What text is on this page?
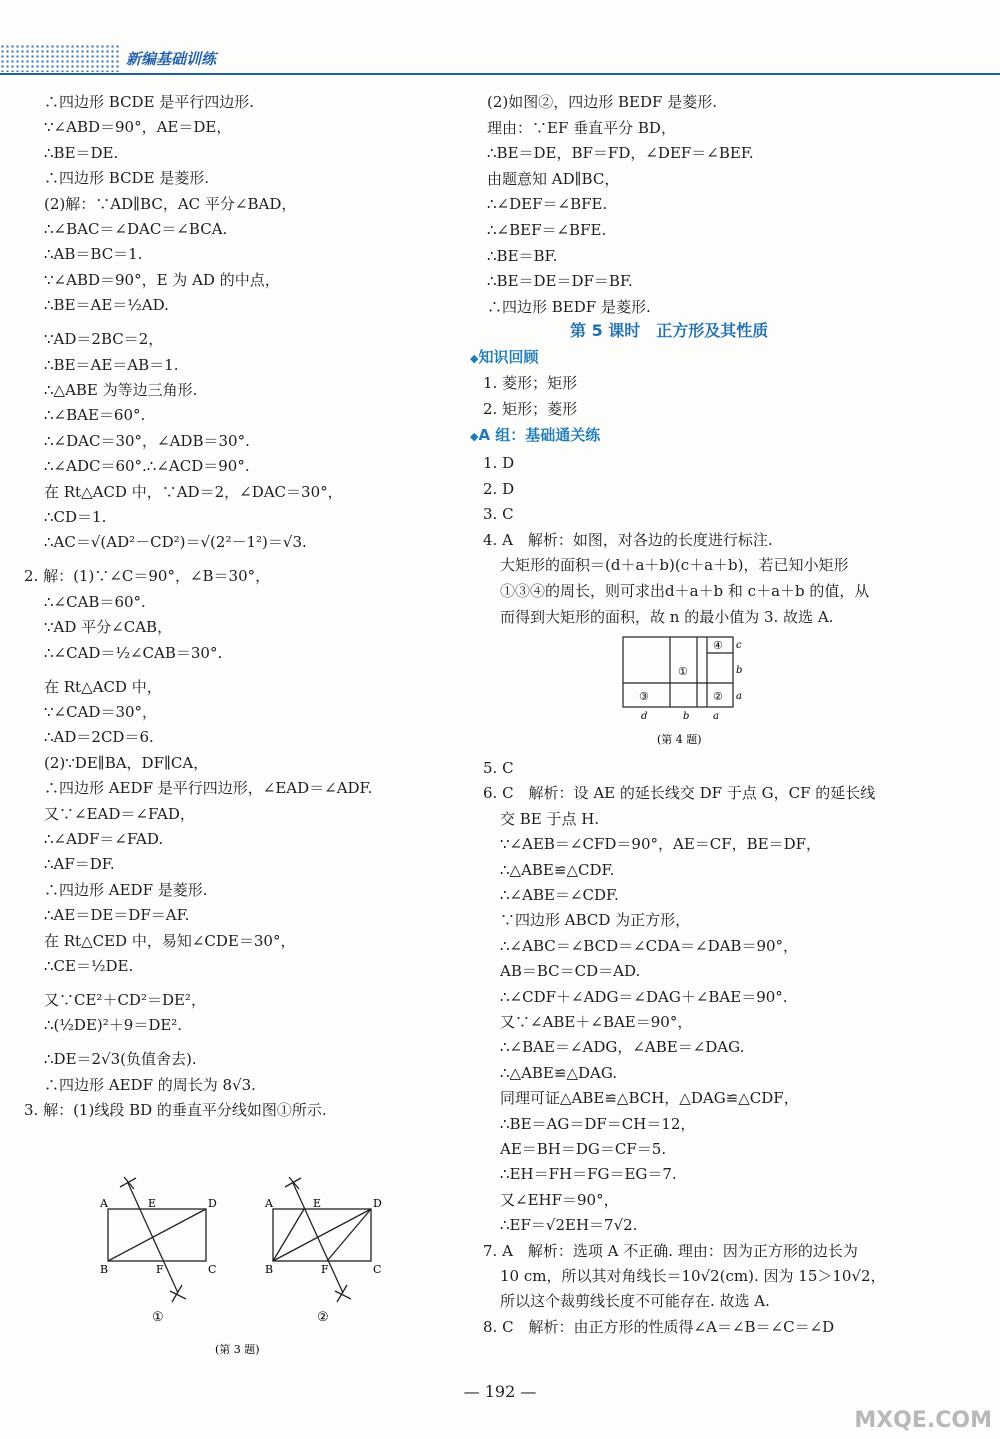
新编基础训练
A	E	D
B	F	C
①
A	E	D
B	F	C
②
(第 3 题)
④
①
③	②
c
b
a
d	b a
(第 4 题)
— 192 —
MXQE.COM
∴四边形 BCDE 是平行四边形.
∵∠ABD＝90°，AE＝DE，
∴BE＝DE.
∴四边形 BCDE 是菱形.
(2)解：∵AD∥BC，AC 平分∠BAD，
∴∠BAC＝∠DAC＝∠BCA.
∴AB＝BC＝1.
∵∠ABD＝90°，E 为 AD 的中点，
∴BE＝AE＝½AD.
∵AD＝2BC＝2，
∴BE＝AE＝AB＝1.
∴△ABE 为等边三角形.
∴∠BAE＝60°.
∴∠DAC＝30°，∠ADB＝30°.
∴∠ADC＝60°.∴∠ACD＝90°.
在 Rt△ACD 中，∵AD＝2，∠DAC＝30°，
∴CD＝1.
∴AC＝√(AD²－CD²)＝√(2²－1²)＝√3.
2. 解：(1)∵∠C＝90°，∠B＝30°，
∴∠CAB＝60°.
∵AD 平分∠CAB，
∴∠CAD＝½∠CAB＝30°.
在 Rt△ACD 中，
∵∠CAD＝30°，
∴AD＝2CD＝6.
(2)∵DE∥BA，DF∥CA，
∴四边形 AEDF 是平行四边形，∠EAD＝∠ADF.
又∵∠EAD＝∠FAD，
∴∠ADF＝∠FAD.
∴AF＝DF.
∴四边形 AEDF 是菱形.
∴AE＝DE＝DF＝AF.
在 Rt△CED 中，易知∠CDE＝30°，
∴CE＝½DE.
又∵CE²＋CD²＝DE²，
∴(½DE)²＋9＝DE².
∴DE＝2√3(负值舍去).
∴四边形 AEDF 的周长为 8√3.
3. 解：(1)线段 BD 的垂直平分线如图①所示.
(2)如图②，四边形 BEDF 是菱形.
理由：∵EF 垂直平分 BD，
∴BE＝DE，BF＝FD，∠DEF＝∠BEF.
由题意知 AD∥BC，
∴∠DEF＝∠BFE.
∴∠BEF＝∠BFE.
∴BE＝BF.
∴BE＝DE＝DF＝BF.
∴四边形 BEDF 是菱形.
第 5 课时　正方形及其性质
◆知识回顾
1. 菱形；矩形
2. 矩形；菱形
◆A 组：基础通关练
1. D
2. D
3. C
4. A　解析：如图，对各边的长度进行标注.
大矩形的面积＝(d＋a＋b)(c＋a＋b)，若已知小矩形
①③④的周长，则可求出d＋a＋b 和 c＋a＋b 的值，从
而得到大矩形的面积，故 n 的最小值为 3. 故选 A.
5. C
6. C　解析：设 AE 的延长线交 DF 于点 G，CF 的延长线
交 BE 于点 H.
∵∠AEB＝∠CFD＝90°，AE＝CF，BE＝DF，
∴△ABE≌△CDF.
∴∠ABE＝∠CDF.
∵四边形 ABCD 为正方形，
∴∠ABC＝∠BCD＝∠CDA＝∠DAB＝90°，
AB＝BC＝CD＝AD.
∴∠CDF＋∠ADG＝∠DAG＋∠BAE＝90°.
又∵∠ABE＋∠BAE＝90°，
∴∠BAE＝∠ADG，∠ABE＝∠DAG.
∴△ABE≌△DAG.
同理可证△ABE≌△BCH，△DAG≌△CDF，
∴BE＝AG＝DF＝CH＝12，
AE＝BH＝DG＝CF＝5.
∴EH＝FH＝FG＝EG＝7.
又∠EHF＝90°，
∴EF＝√2EH＝7√2.
7. A　解析：选项 A 不正确. 理由：因为正方形的边长为
10 cm，所以其对角线长＝10√2(cm). 因为 15＞10√2，
所以这个裁剪线长度不可能存在. 故选 A.
8. C　解析：由正方形的性质得∠A＝∠B＝∠C＝∠D
